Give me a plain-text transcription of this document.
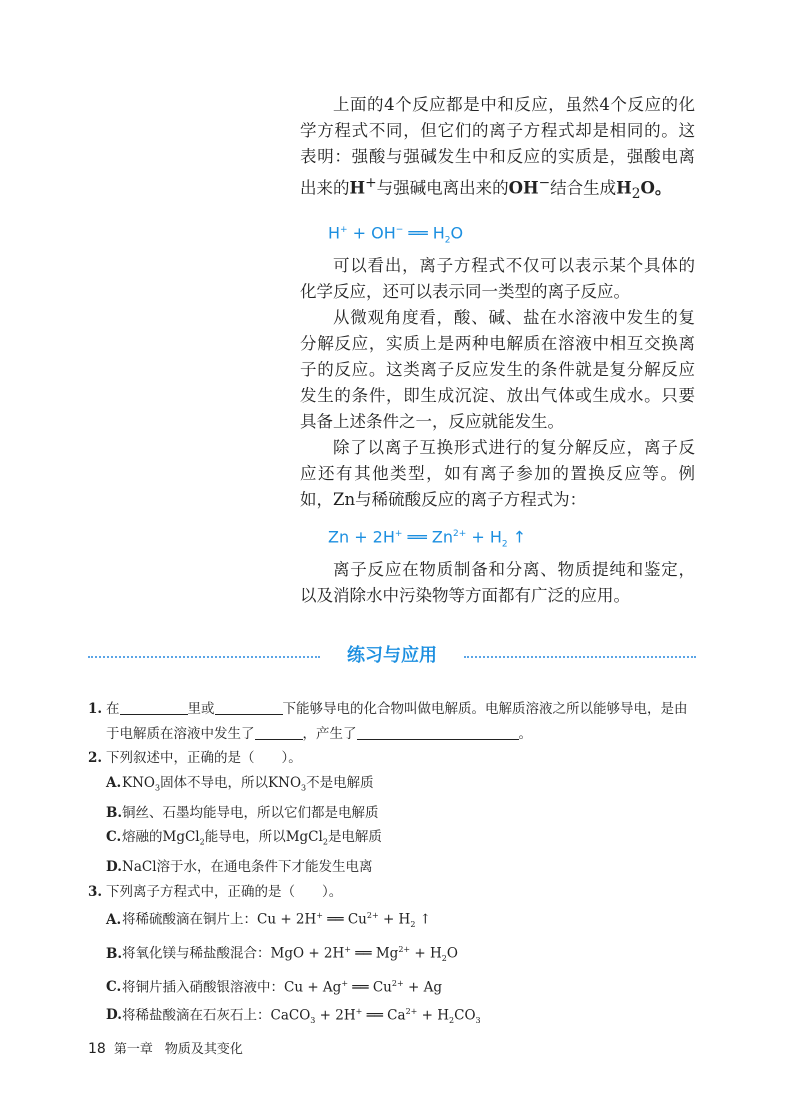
上面的4个反应都是中和反应，虽然4个反应的化学方程式不同，但它们的离子方程式却是相同的。这表明：强酸与强碱发生中和反应的实质是，强酸电离出来的H+与强碱电离出来的OH−结合生成$H_2O$。

H+ + OH− ══ $H_2O$

可以看出，离子方程式不仅可以表示某个具体的化学反应，还可以表示同一类型的离子反应。

从微观角度看，酸、碱、盐在水溶液中发生的复分解反应，实质上是两种电解质在溶液中相互交换离子的反应。这类离子反应发生的条件就是复分解反应发生的条件，即生成沉淀、放出气体或生成水。只要具备上述条件之一，反应就能发生。

除了以离子互换形式进行的复分解反应，离子反应还有其他类型，如有离子参加的置换反应等。例如，Zn与稀硫酸反应的离子方程式为：

Zn + 2H+ ══ $Zn^{2+} + H_2$ ↑

离子反应在物质制备和分离、物质提纯和鉴定，以及消除水中污染物等方面都有广泛的应用。

练习与应用
1. 在	里或	下能够导电的化合物叫做电解质。电解质溶液之所以能够导电，是由于电解质在溶液中发生了	，产生了	。
2. 下列叙述中，正确的是（　　）。
$A.KNO_3$固体不导电，所以$KNO_3$不是电解质
B.铜丝、石墨均能导电，所以它们都是电解质
C.熔融的MgCl$_2$能导电，所以MgCl$_2$是电解质
D.NaCl溶于水，在通电条件下才能发生电离
3. 下列离子方程式中，正确的是（　　）。
A.将稀硫酸滴在铜片上：Cu + 2H+ ══ $Cu^{2+} + H_2$ ↑
B.将氧化镁与稀盐酸混合：MgO + 2H+ ══ $Mg^{2+} + H_2O$
C.将铜片插入硝酸银溶液中：Cu + Ag+ ══ $Cu^{2+} + Ag$
D.将稀盐酸滴在石灰石上：CaCO$_3$ + 2H+ ══ $Ca^{2+} + H_2CO_3$
18 第一章 物质及其变化
